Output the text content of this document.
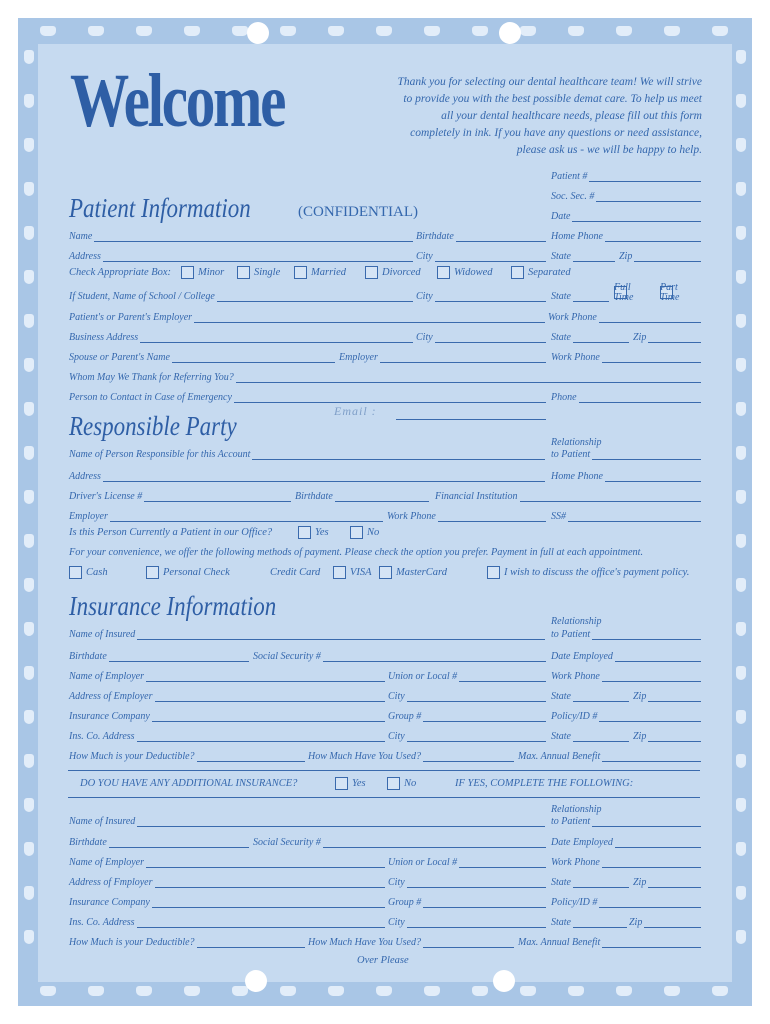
Welcome	Thank you for selecting our dental healthcare team! We will strive to provide you with the best possible demat care. To help us meet all your dental healthcare needs, please fill out this form completely in ink. If you have any questions or need assistance, please ask us - we will be happy to help.
Patient #
Soc. Sec. #
Patient Information	(CONFIDENTIAL)	Date
Name	Birthdate	Home Phone
Address	City	State	Zip
Check Appropriate Box:	Minor	Single	Married	Divorced	Widowed	Separated
If Student, Name of School / College	City	State
Full
Time
Part
Time
Patient's or Parent's Employer	Work Phone
Business Address	City	State	Zip
Spouse or Parent's Name	Employer	Work Phone
Whom May We Thank for Referring You?
Person to Contact in Case of Emergency	Phone
Email :
Responsible Party
Relationship
to Patient
Name of Person Responsible for this Account
Address	Home Phone
Driver's License #	Birthdate	Financial Institution
Employer	Work Phone	SS#
Is this Person Currently a Patient in our Office?	Yes	No
For your convenience, we offer the following methods of payment. Please check the option you prefer. Payment in full at each appointment.
Cash	Personal Check	Credit Card	VISA MasterCard	I wish to discuss the office's payment policy.
Insurance Information
Relationship
Name of Insured	to Patient
Birthdate	Social Security #	Date Employed
Name of Employer	Union or Local #	Work Phone
Address of Employer	City	State	Zip
Insurance Company	Group #	Policy/ID #
Ins. Co. Address	City	State	Zip
How Much is your Deductible?	How Much Have You Used?	Max. Annual Benefit
DO YOU HAVE ANY ADDITIONAL INSURANCE?	Yes	No	IF YES, COMPLETE THE FOLLOWING:
Relationship
Name of Insured	to Patient
Birthdate	Social Security #	Date Employed
Name of Employer	Union or Local #	Work Phone
Address of Fmployer	City	State	Zip
Insurance Company	Group #	Policy/ID #
Ins. Co. Address	City	State	Zip
How Much is your Deductible?	How Much Have You Used?	Max. Annual Benefit
Over Please
